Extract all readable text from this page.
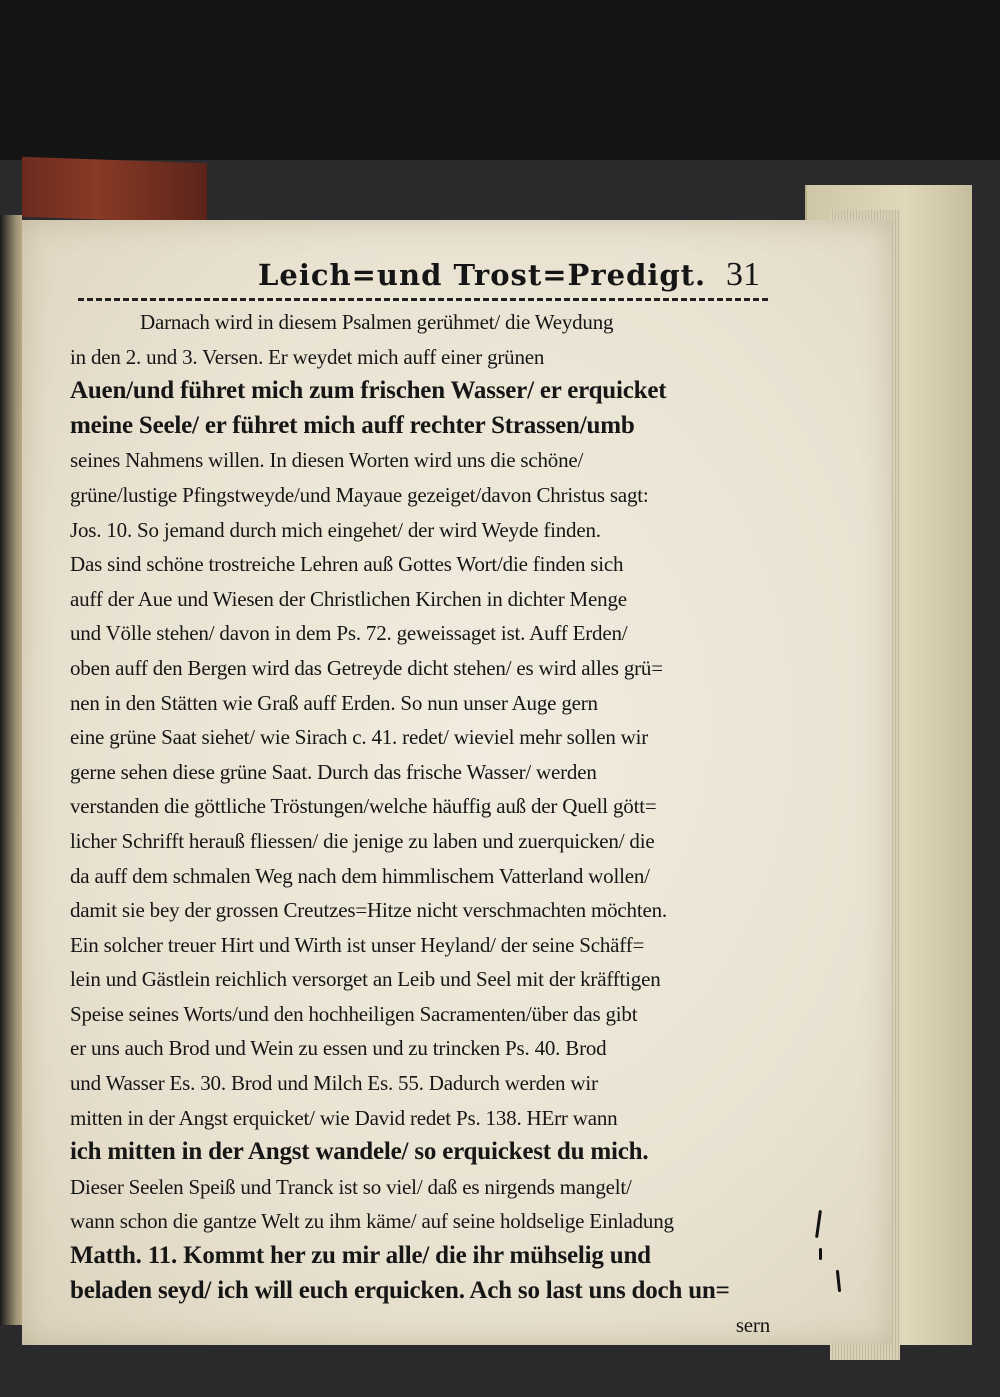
Leich=und Trost=Predigt. 31
Darnach wird in diesem Psalmen gerühmet/ die Weydung
in den 2. und 3. Versen. Er weydet mich auff einer grünen
Auen/und führet mich zum frischen Wasser/ er erquicket
meine Seele/ er führet mich auff rechter Strassen/umb
seines Nahmens willen. In diesen Worten wird uns die schöne/
grüne/lustige Pfingstweyde/und Mayaue gezeiget/davon Christus sagt:
Jos. 10. So jemand durch mich eingehet/ der wird Weyde finden.
Das sind schöne trostreiche Lehren auß Gottes Wort/die finden sich
auff der Aue und Wiesen der Christlichen Kirchen in dichter Menge
und Völle stehen/ davon in dem Ps. 72. geweissaget ist. Auff Erden/
oben auff den Bergen wird das Getreyde dicht stehen/ es wird alles grü=
nen in den Stätten wie Graß auff Erden. So nun unser Auge gern
eine grüne Saat siehet/ wie Sirach c. 41. redet/ wieviel mehr sollen wir
gerne sehen diese grüne Saat. Durch das frische Wasser/ werden
verstanden die göttliche Tröstungen/welche häuffig auß der Quell gött=
licher Schrifft herauß fliessen/ die jenige zu laben und zuerquicken/ die
da auff dem schmalen Weg nach dem himmlischem Vatterland wollen/
damit sie bey der grossen Creutzes=Hitze nicht verschmachten möchten.
Ein solcher treuer Hirt und Wirth ist unser Heyland/ der seine Schäff=
lein und Gästlein reichlich versorget an Leib und Seel mit der kräfftigen
Speise seines Worts/und den hochheiligen Sacramenten/über das gibt
er uns auch Brod und Wein zu essen und zu trincken Ps. 40. Brod
und Wasser Es. 30. Brod und Milch Es. 55. Dadurch werden wir
mitten in der Angst erquicket/ wie David redet Ps. 138. HErr wann
ich mitten in der Angst wandele/ so erquickest du mich.
Dieser Seelen Speiß und Tranck ist so viel/ daß es nirgends mangelt/
wann schon die gantze Welt zu ihm käme/ auf seine holdselige Einladung
Matth. 11. Kommt her zu mir alle/ die ihr mühselig und
beladen seyd/ ich will euch erquicken. Ach so last uns doch un=
sern
